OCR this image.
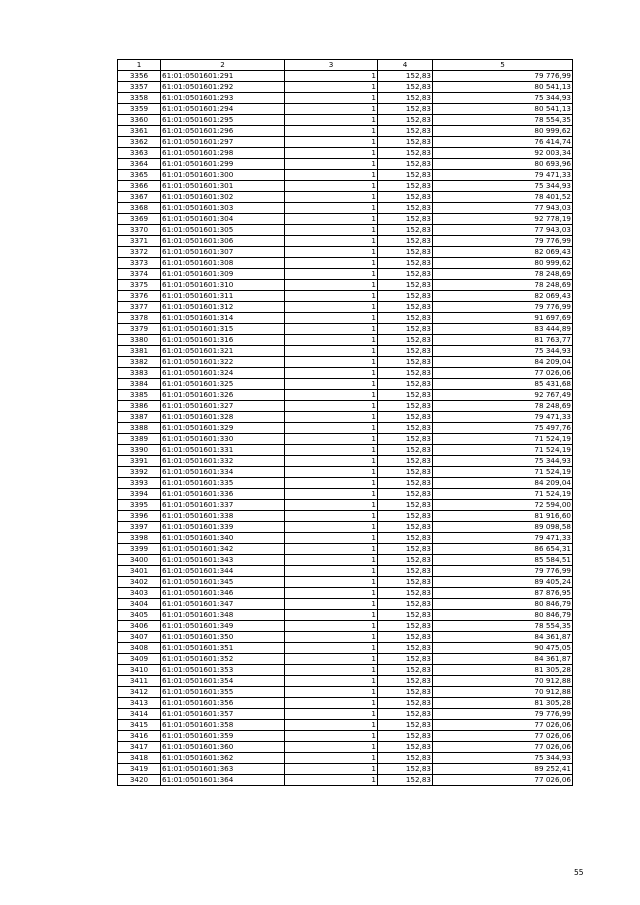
1	2	3	4	5
3356	61:01:0501601:291	1	152,83	79 776,99
3357	61:01:0501601:292	1	152,83	80 541,13
3358	61:01:0501601:293	1	152,83	75 344,93
3359	61:01:0501601:294	1	152,83	80 541,13
3360	61:01:0501601:295	1	152,83	78 554,35
3361	61:01:0501601:296	1	152,83	80 999,62
3362	61:01:0501601:297	1	152,83	76 414,74
3363	61:01:0501601:298	1	152,83	92 003,34
3364	61:01:0501601:299	1	152,83	80 693,96
3365	61:01:0501601:300	1	152,83	79 471,33
3366	61:01:0501601:301	1	152,83	75 344,93
3367	61:01:0501601:302	1	152,83	78 401,52
3368	61:01:0501601:303	1	152,83	77 943,03
3369	61:01:0501601:304	1	152,83	92 778,19
3370	61:01:0501601:305	1	152,83	77 943,03
3371	61:01:0501601:306	1	152,83	79 776,99
3372	61:01:0501601:307	1	152,83	82 069,43
3373	61:01:0501601:308	1	152,83	80 999,62
3374	61:01:0501601:309	1	152,83	78 248,69
3375	61:01:0501601:310	1	152,83	78 248,69
3376	61:01:0501601:311	1	152,83	82 069,43
3377	61:01:0501601:312	1	152,83	79 776,99
3378	61:01:0501601:314	1	152,83	91 697,69
3379	61:01:0501601:315	1	152,83	83 444,89
3380	61:01:0501601:316	1	152,83	81 763,77
3381	61:01:0501601:321	1	152,83	75 344,93
3382	61:01:0501601:322	1	152,83	84 209,04
3383	61:01:0501601:324	1	152,83	77 026,06
3384	61:01:0501601:325	1	152,83	85 431,68
3385	61:01:0501601:326	1	152,83	92 767,49
3386	61:01:0501601:327	1	152,83	78 248,69
3387	61:01:0501601:328	1	152,83	79 471,33
3388	61:01:0501601:329	1	152,83	75 497,76
3389	61:01:0501601:330	1	152,83	71 524,19
3390	61:01:0501601:331	1	152,83	71 524,19
3391	61:01:0501601:332	1	152,83	75 344,93
3392	61:01:0501601:334	1	152,83	71 524,19
3393	61:01:0501601:335	1	152,83	84 209,04
3394	61:01:0501601:336	1	152,83	71 524,19
3395	61:01:0501601:337	1	152,83	72 594,00
3396	61:01:0501601:338	1	152,83	81 916,60
3397	61:01:0501601:339	1	152,83	89 098,58
3398	61:01:0501601:340	1	152,83	79 471,33
3399	61:01:0501601:342	1	152,83	86 654,31
3400	61:01:0501601:343	1	152,83	85 584,51
3401	61:01:0501601:344	1	152,83	79 776,99
3402	61:01:0501601:345	1	152,83	89 405,24
3403	61:01:0501601:346	1	152,83	87 876,95
3404	61:01:0501601:347	1	152,83	80 846,79
3405	61:01:0501601:348	1	152,83	80 846,79
3406	61:01:0501601:349	1	152,83	78 554,35
3407	61:01:0501601:350	1	152,83	84 361,87
3408	61:01:0501601:351	1	152,83	90 475,05
3409	61:01:0501601:352	1	152,83	84 361,87
3410	61:01:0501601:353	1	152,83	81 305,28
3411	61:01:0501601:354	1	152,83	70 912,88
3412	61:01:0501601:355	1	152,83	70 912,88
3413	61:01:0501601:356	1	152,83	81 305,28
3414	61:01:0501601:357	1	152,83	79 776,99
3415	61:01:0501601:358	1	152,83	77 026,06
3416	61:01:0501601:359	1	152,83	77 026,06
3417	61:01:0501601:360	1	152,83	77 026,06
3418	61:01:0501601:362	1	152,83	75 344,93
3419	61:01:0501601:363	1	152,83	89 252,41
3420	61:01:0501601:364	1	152,83	77 026,06
55
